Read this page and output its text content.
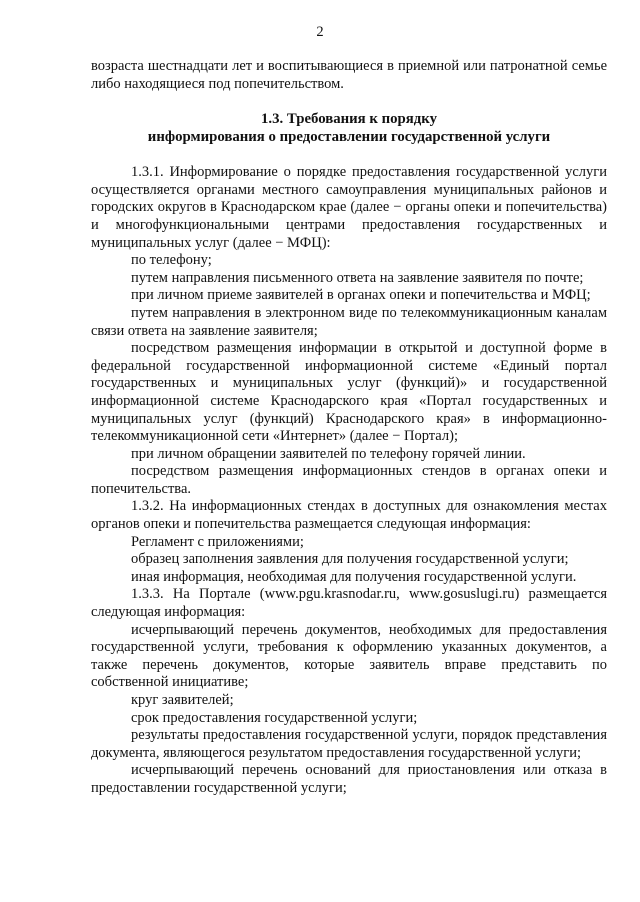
2

возраста шестнадцати лет и воспитывающиеся в приемной или патронатной семье либо находящиеся под попечительством.

1.3. Требования к порядку
информирования о предоставлении государственной услуги

1.3.1. Информирование о порядке предоставления государственной услуги осуществляется органами местного самоуправления муниципальных районов и городских округов в Краснодарском крае (далее − органы опеки и попечительства) и многофункциональными центрами предоставления государственных и муниципальных услуг (далее − МФЦ):

по телефону;

путем направления письменного ответа на заявление заявителя по почте;

при личном приеме заявителей в органах опеки и попечительства и МФЦ;

путем направления в электронном виде по телекоммуникационным каналам связи ответа на заявление заявителя;

посредством размещения информации в открытой и доступной форме в федеральной государственной информационной системе «Единый портал государственных и муниципальных услуг (функций)» и государственной информационной системе Краснодарского края «Портал государственных и муниципальных услуг (функций) Краснодарского края» в информационно-телекоммуникационной сети «Интернет» (далее − Портал);

при личном обращении заявителей по телефону горячей линии.

посредством размещения информационных стендов в органах опеки и попечительства.

1.3.2. На информационных стендах в доступных для ознакомления местах органов опеки и попечительства размещается следующая информация:

Регламент с приложениями;

образец заполнения заявления для получения государственной услуги;

иная информация, необходимая для получения государственной услуги.

1.3.3. На Портале (www.pgu.krasnodar.ru, www.gosuslugi.ru) размещается следующая информация:

исчерпывающий перечень документов, необходимых для предоставления государственной услуги, требования к оформлению указанных документов, а также перечень документов, которые заявитель вправе представить по собственной инициативе;

круг заявителей;

срок предоставления государственной услуги;

результаты предоставления государственной услуги, порядок представления документа, являющегося результатом предоставления государственной услуги;

исчерпывающий перечень оснований для приостановления или отказа в предоставлении государственной услуги;
